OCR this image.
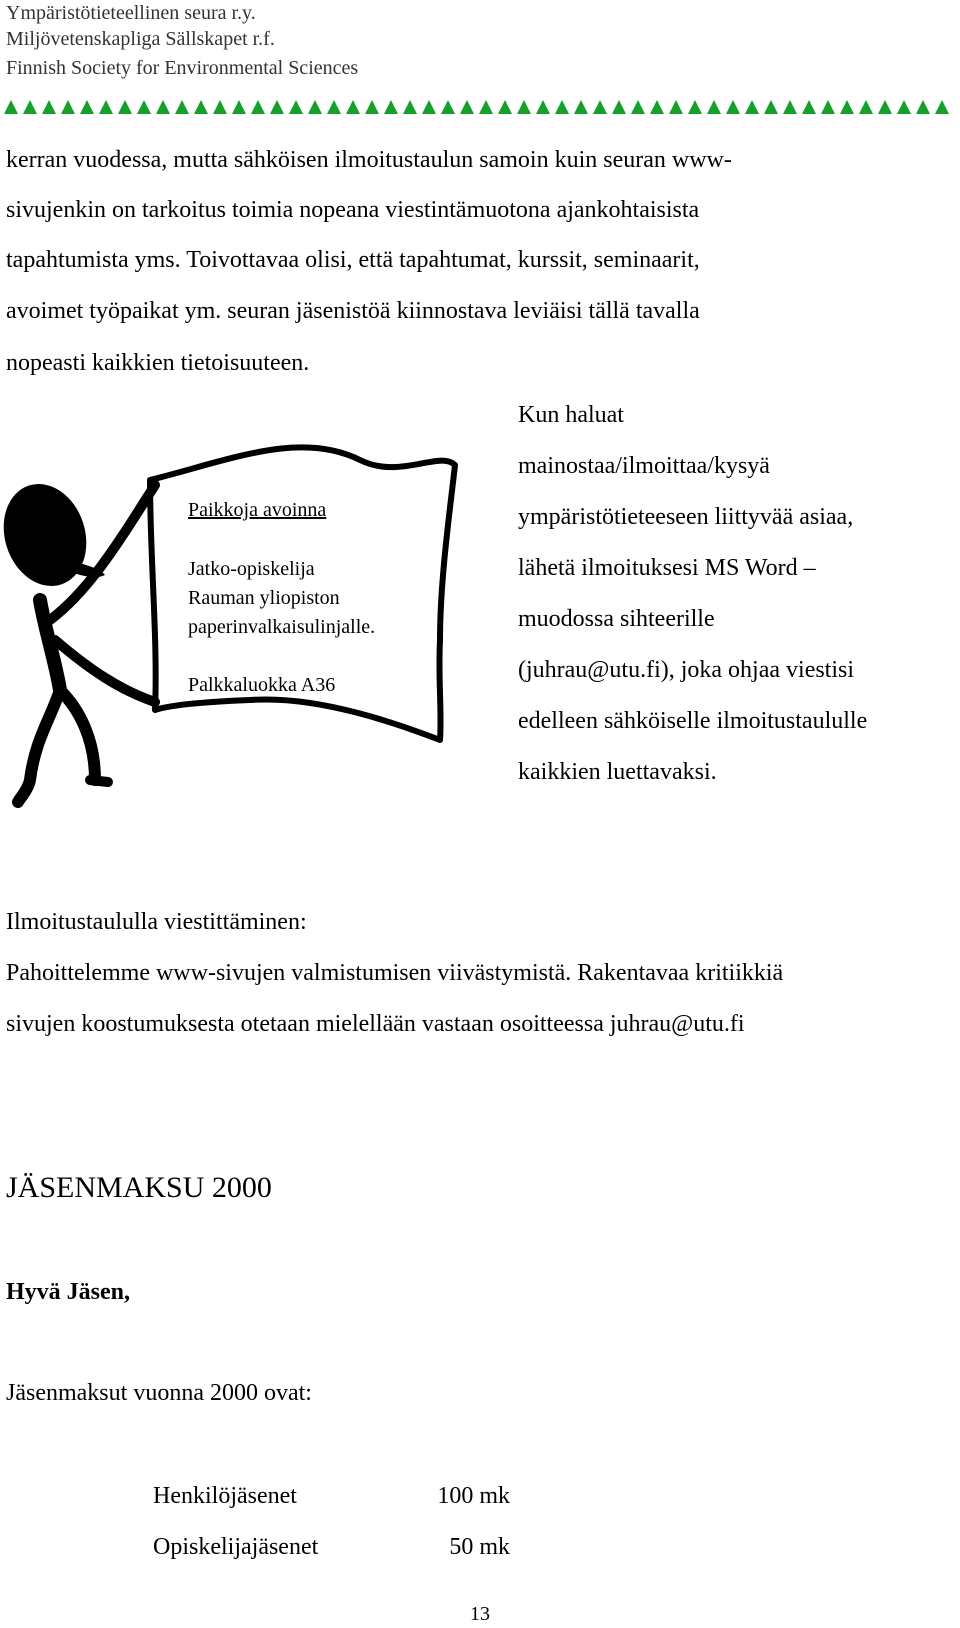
Ympäristötieteellinen seura r.y.
Miljövetenskapliga Sällskapet r.f.
Finnish Society for Environmental Sciences
kerran vuodessa, mutta sähköisen ilmoitustaulun samoin kuin seuran www-
sivujenkin on tarkoitus toimia nopeana viestintämuotona ajankohtaisista
tapahtumista yms. Toivottavaa olisi, että tapahtumat, kurssit, seminaarit,
avoimet työpaikat ym. seuran jäsenistöä kiinnostava leviäisi tällä tavalla
nopeasti kaikkien tietoisuuteen.
Kun haluat
mainostaa/ilmoittaa/kysyä
ympäristötieteeseen liittyvää asiaa,
lähetä ilmoituksesi MS Word –
muodossa sihteerille
(juhrau@utu.fi), joka ohjaa viestisi
edelleen sähköiselle ilmoitustaululle
kaikkien luettavaksi.
Paikkoja avoinna
Jatko-opiskelija
Rauman yliopiston
paperinvalkaisulinjalle.
Palkkaluokka A36
Ilmoitustaululla viestittäminen:
Pahoittelemme www-sivujen valmistumisen viivästymistä. Rakentavaa kritiikkiä
sivujen koostumuksesta otetaan mielellään vastaan osoitteessa juhrau@utu.fi
JÄSENMAKSU 2000
Hyvä Jäsen,
Jäsenmaksut vuonna 2000 ovat:
Henkilöjäsenet	100 mk
Opiskelijajäsenet	50 mk
13
